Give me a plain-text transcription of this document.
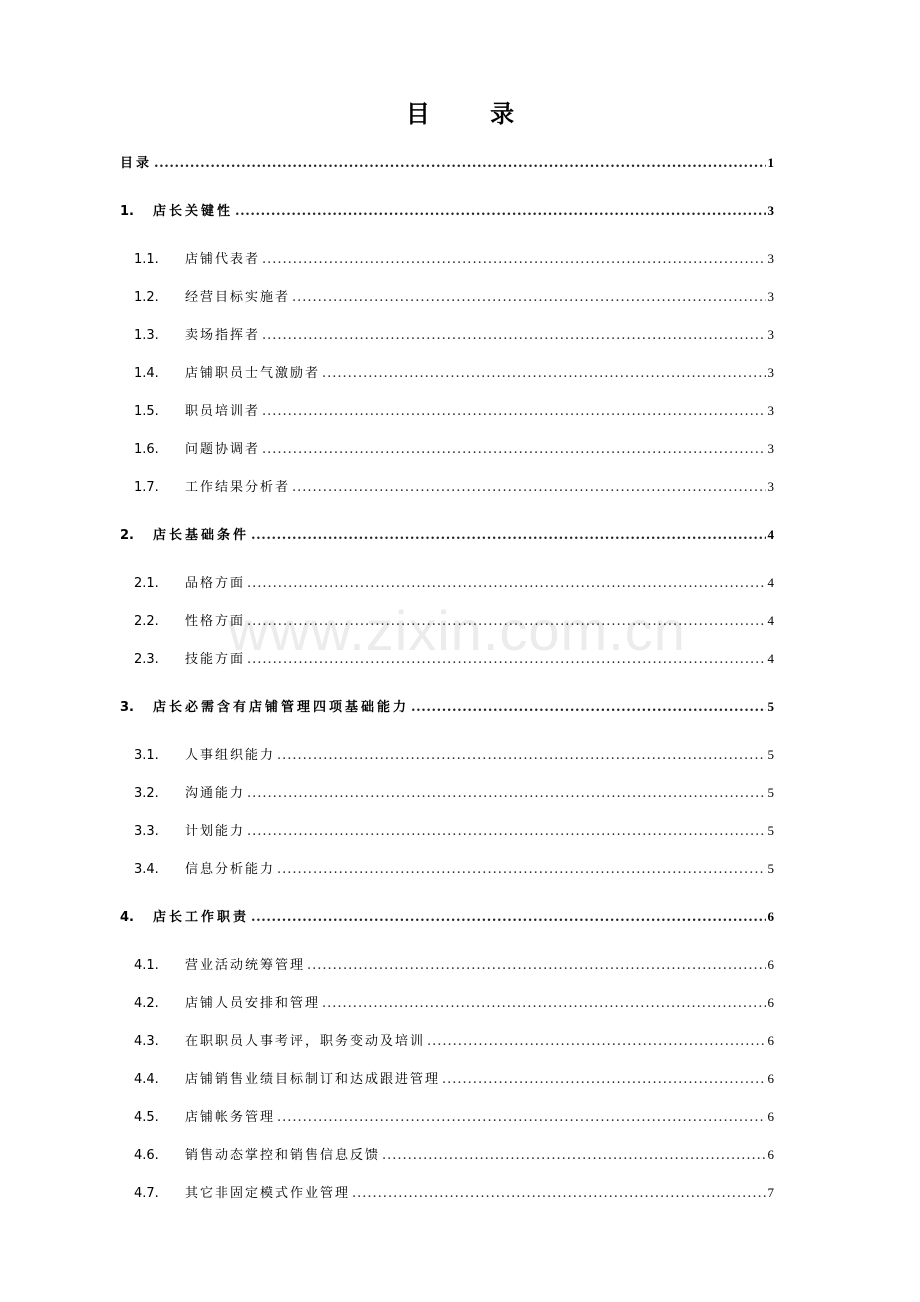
目 录
www.zixin.com.cn
目录 .....	1
1.	店长关键性 .....	3
1.1.	店铺代表者 .....	3
1.2.	经营目标实施者 .....	3
1.3.	卖场指挥者 .....	3
1.4.	店铺职员士气激励者 .....	3
1.5.	职员培训者 .....	3
1.6.	问题协调者 .....	3
1.7.	工作结果分析者 .....	3
2.	店长基础条件 .....	4
2.1.	品格方面 .....	4
2.2.	性格方面 .....	4
2.3.	技能方面 .....	4
3.	店长必需含有店铺管理四项基础能力 .....	5
3.1.	人事组织能力 .....	5
3.2.	沟通能力 .....	5
3.3.	计划能力 .....	5
3.4.	信息分析能力 .....	5
4.	店长工作职责 .....	6
4.1.	营业活动统筹管理 .....	6
4.2.	店铺人员安排和管理 .....	6
4.3.	在职职员人事考评，职务变动及培训 .....	6
4.4.	店铺销售业绩目标制订和达成跟进管理 .....	6
4.5.	店铺帐务管理 .....	6
4.6.	销售动态掌控和销售信息反馈 .....	6
4.7.	其它非固定模式作业管理 .....	7
